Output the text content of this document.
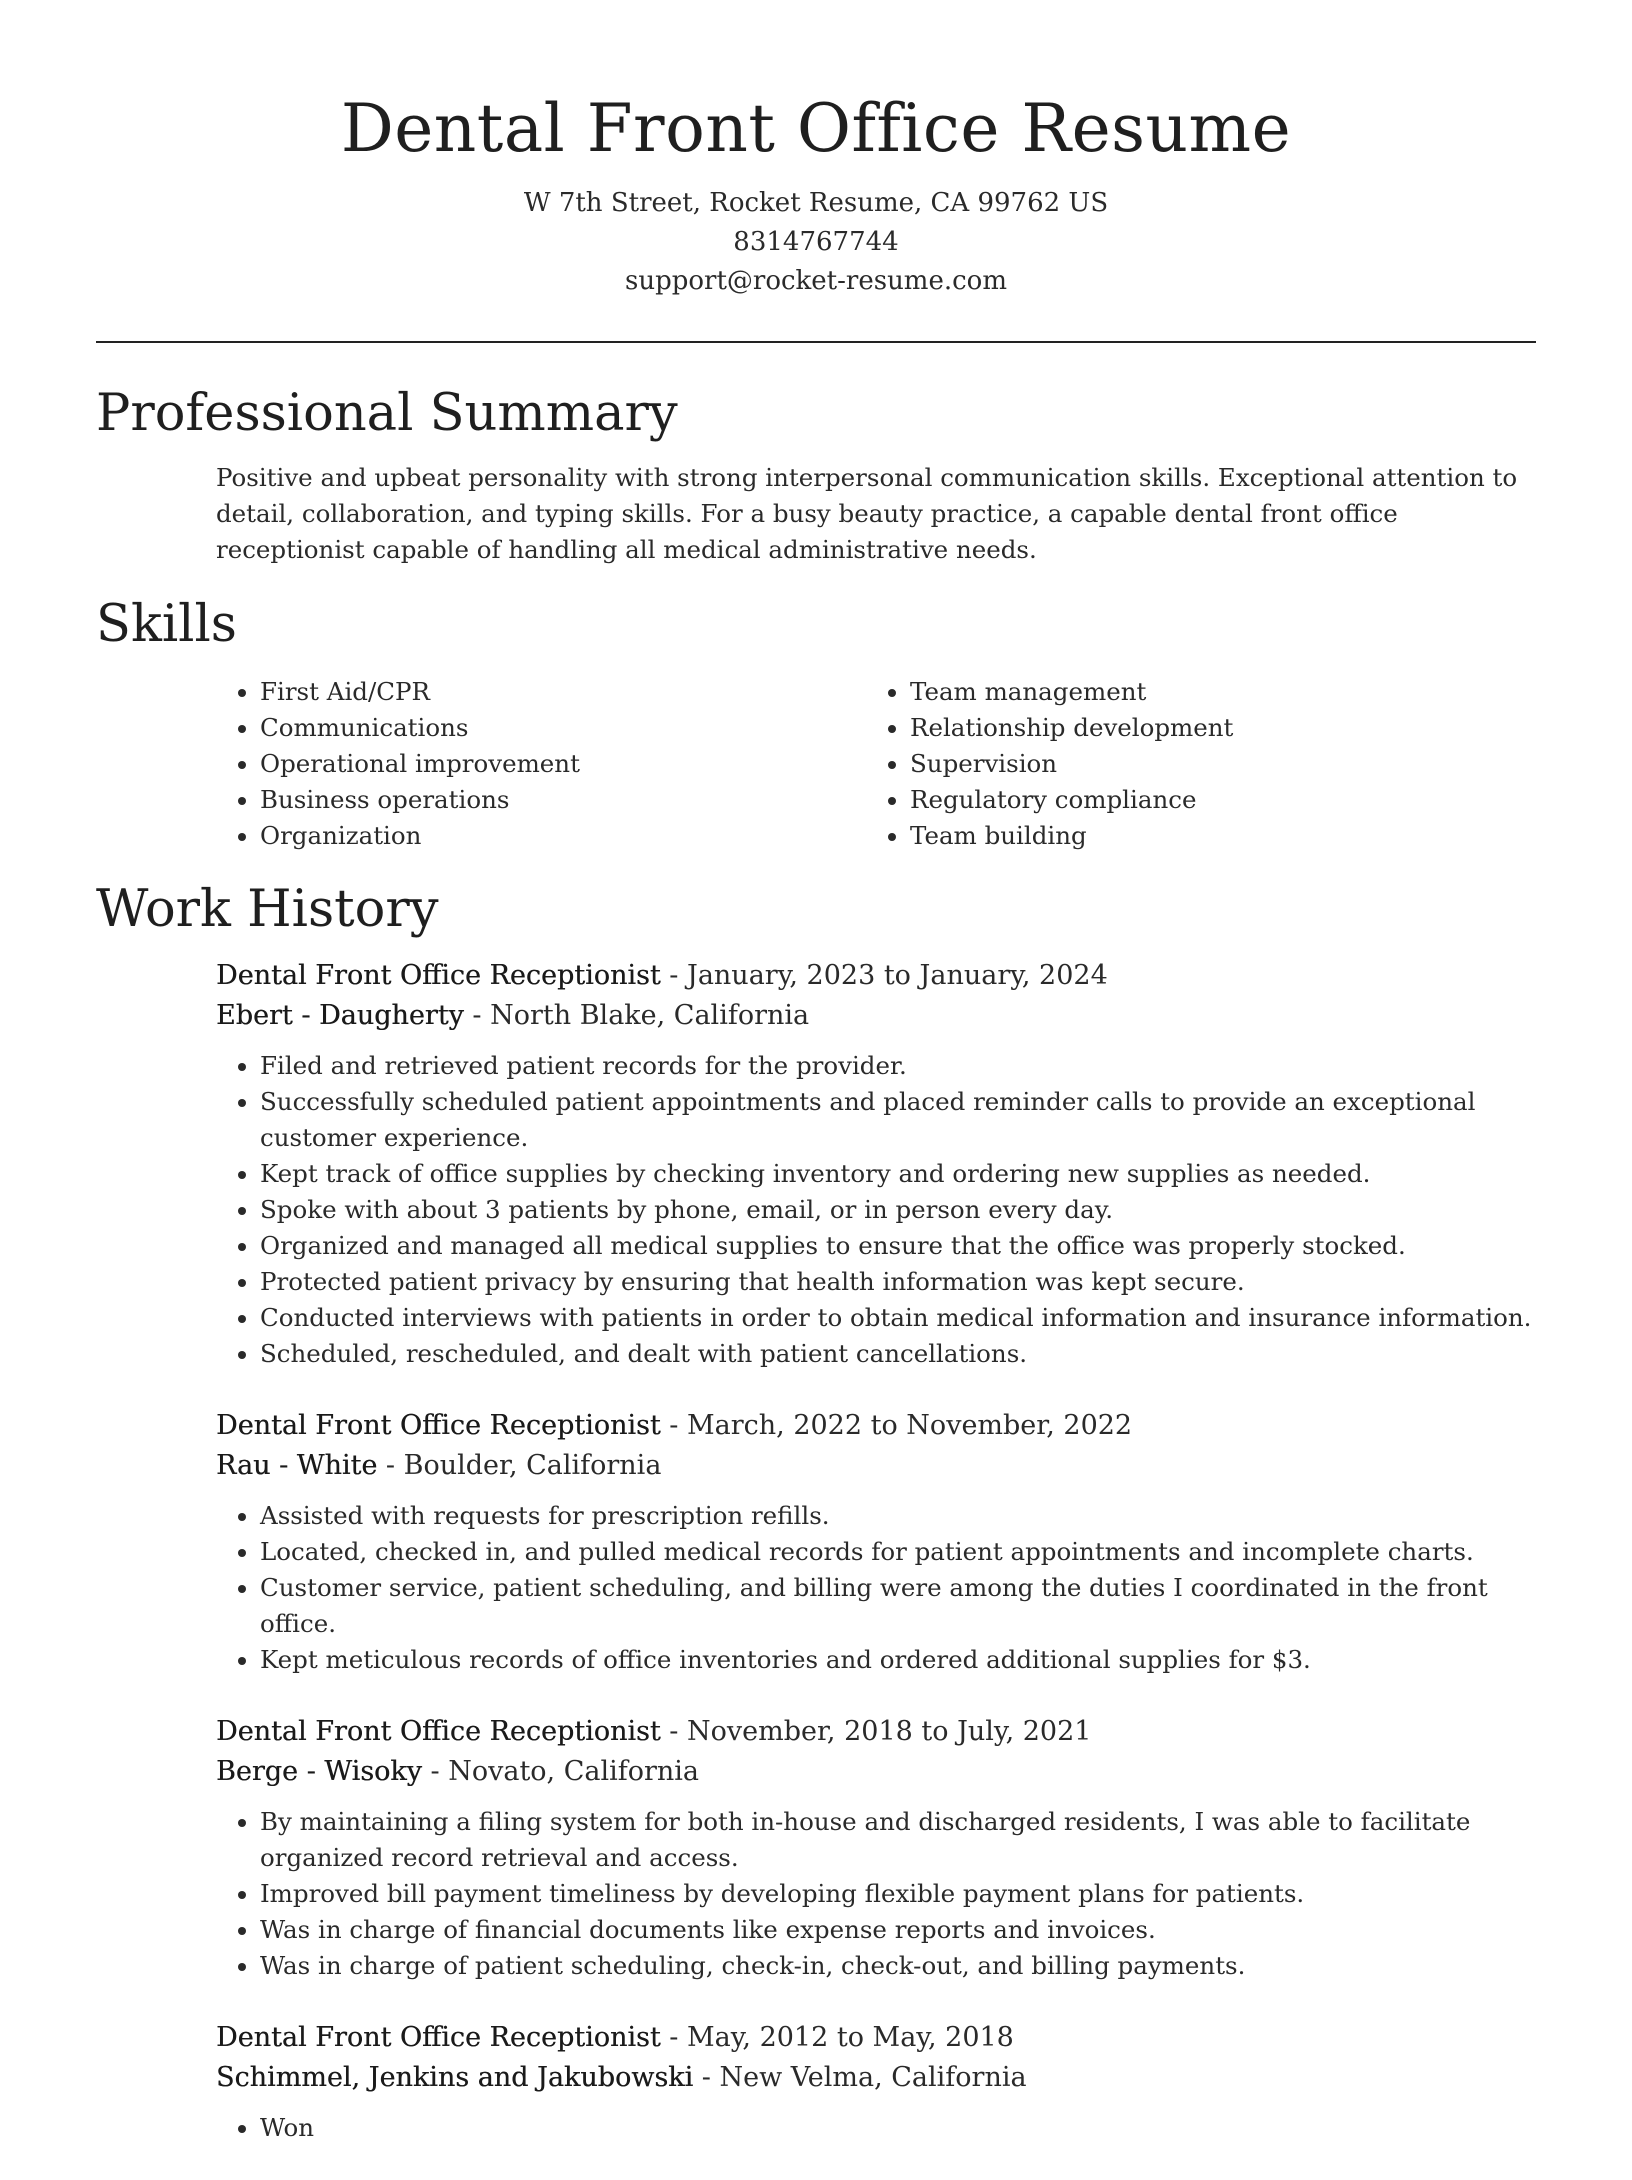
Dental Front Office Resume
W 7th Street, Rocket Resume, CA 99762 US
8314767744
support@rocket-resume.com
Professional Summary

Positive and upbeat personality with strong interpersonal communication skills. Exceptional attention to detail, collaboration, and typing skills. For a busy beauty practice, a capable dental front office receptionist capable of handling all medical administrative needs.

Skills
• First Aid/CPR
• Communications
• Operational improvement
• Business operations
• Organization
• Team management
• Relationship development
• Supervision
• Regulatory compliance
• Team building
Work History
Dental Front Office Receptionist - January, 2023 to January, 2024
Ebert - Daugherty - North Blake, California
• Filed and retrieved patient records for the provider.
• Successfully scheduled patient appointments and placed reminder calls to provide an exceptional customer experience.
• Kept track of office supplies by checking inventory and ordering new supplies as needed.
• Spoke with about 3 patients by phone, email, or in person every day.
• Organized and managed all medical supplies to ensure that the office was properly stocked.
• Protected patient privacy by ensuring that health information was kept secure.
• Conducted interviews with patients in order to obtain medical information and insurance information.
• Scheduled, rescheduled, and dealt with patient cancellations.
Dental Front Office Receptionist - March, 2022 to November, 2022
Rau - White - Boulder, California
• Assisted with requests for prescription refills.
• Located, checked in, and pulled medical records for patient appointments and incomplete charts.
• Customer service, patient scheduling, and billing were among the duties I coordinated in the front office.
• Kept meticulous records of office inventories and ordered additional supplies for $3.
Dental Front Office Receptionist - November, 2018 to July, 2021
Berge - Wisoky - Novato, California
• By maintaining a filing system for both in-house and discharged residents, I was able to facilitate organized record retrieval and access.
• Improved bill payment timeliness by developing flexible payment plans for patients.
• Was in charge of financial documents like expense reports and invoices.
• Was in charge of patient scheduling, check-in, check-out, and billing payments.
Dental Front Office Receptionist - May, 2012 to May, 2018
Schimmel, Jenkins and Jakubowski - New Velma, California
• Won
